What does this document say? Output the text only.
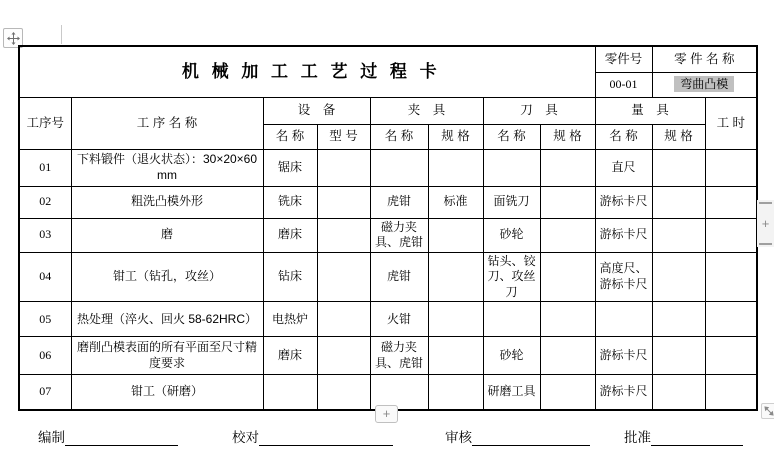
机 械 加 工 工 艺 过 程 卡								零件号	零 件 名 称	
								00-01	弯曲凸模	
工序号	工 序 名 称	设　备		夹　具		刀　具		量　具		工 时
		名 称	型 号	名 称	规 格	名 称	规 格	名 称	规 格	
01	下料锻件（退火状态）：30×20×60mm	锯床						直尺		
02	粗洗凸模外形	铣床		虎钳	标准	面铣刀		游标卡尺		
03	磨	磨床		磁力夹具、虎钳		砂轮		游标卡尺		
04	钳工（钻孔，攻丝）	钻床		虎钳		钻头、铰刀、攻丝刀		高度尺、游标卡尺		
05	热处理（淬火、回火 58-62HRC）	电热炉		火钳						
06	磨削凸模表面的所有平面至尺寸精度要求	磨床		磁力夹具、虎钳		砂轮		游标卡尺		
07	钳工（研磨）					研磨工具		游标卡尺		
+
+
编制	校对	审核	批准
